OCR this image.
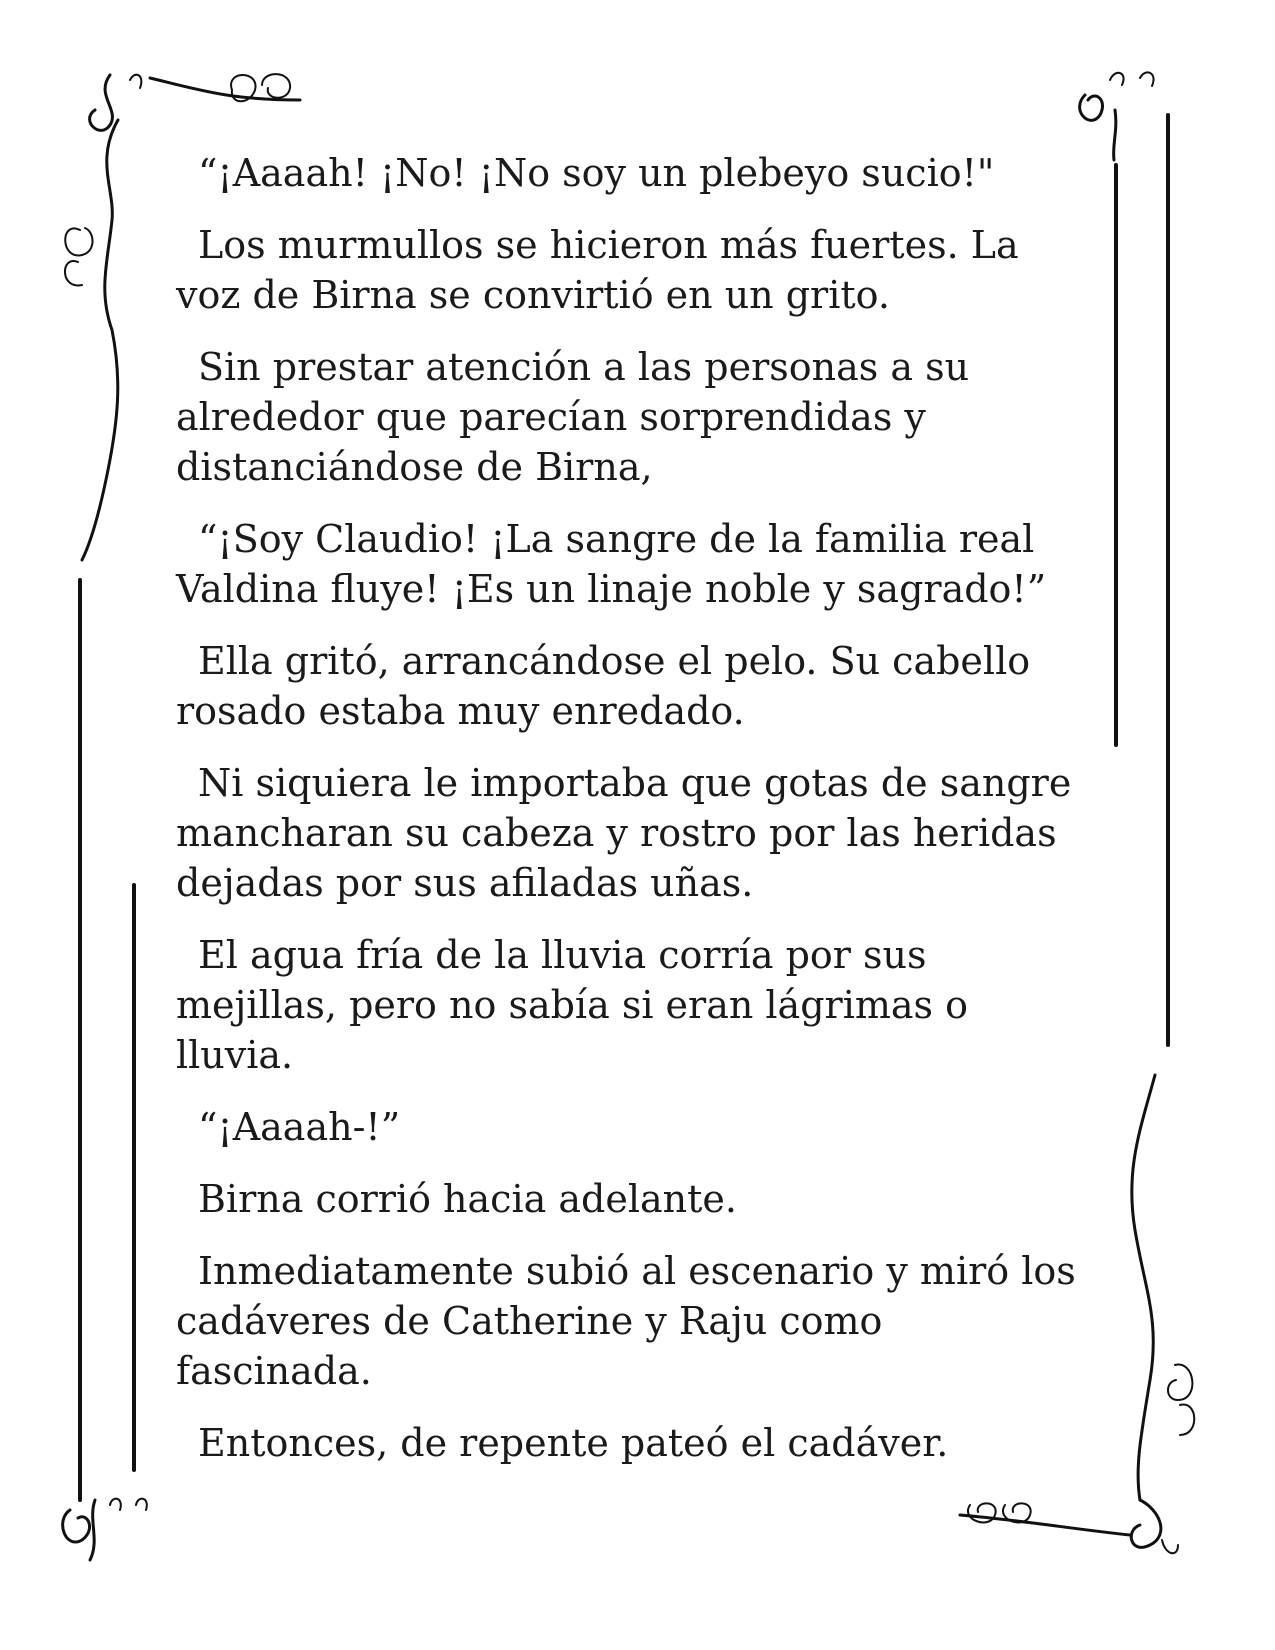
“¡Aaaah! ¡No! ¡No soy un plebeyo sucio!"

Los murmullos se hicieron más fuertes. La voz de Birna se convirtió en un grito.

Sin prestar atención a las personas a su alrededor que parecían sorprendidas y distanciándose de Birna,

“¡Soy Claudio! ¡La sangre de la familia real Valdina fluye! ¡Es un linaje noble y sagrado!”

Ella gritó, arrancándose el pelo. Su cabello rosado estaba muy enredado.

Ni siquiera le importaba que gotas de sangre mancharan su cabeza y rostro por las heridas dejadas por sus afiladas uñas.

El agua fría de la lluvia corría por sus mejillas, pero no sabía si eran lágrimas o lluvia.

“¡Aaaah-!”

Birna corrió hacia adelante.

Inmediatamente subió al escenario y miró los cadáveres de Catherine y Raju como fascinada.

Entonces, de repente pateó el cadáver.
